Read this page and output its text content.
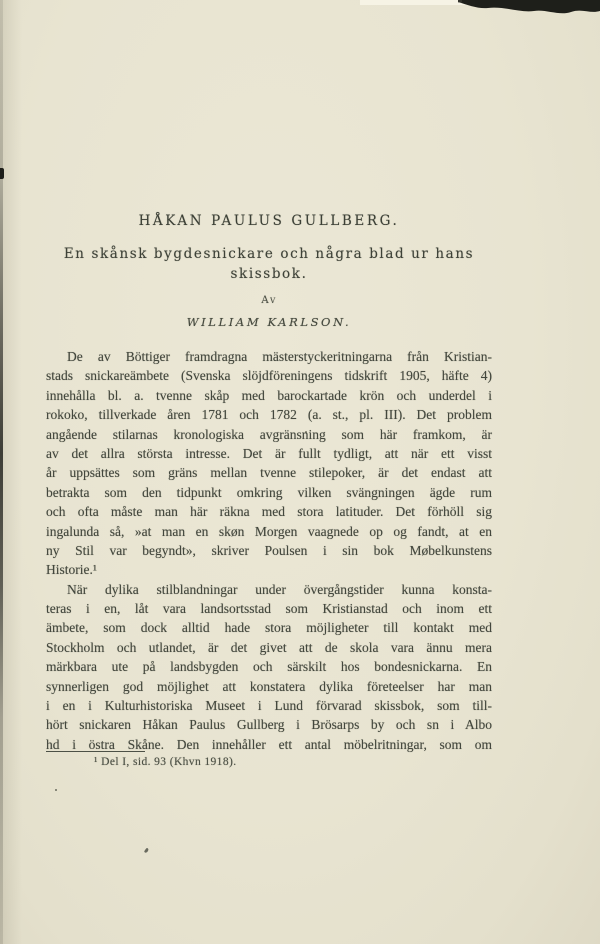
HÅKAN PAULUS GULLBERG.
En skånsk bygdesnickare och några blad ur hans
skissbok.
Av
WILLIAM KARLSON.
De av Böttiger framdragna mästerstyckeritningarna från Kristian-
stads snickareämbete (Svenska slöjdföreningens tidskrift 1905, häfte 4)
innehålla bl. a. tvenne skåp med barockartade krön och underdel i
rokoko, tillverkade åren 1781 och 1782 (a. st., pl. III). Det problem
angående stilarnas kronologiska avgränsning som här framkom, är
av det allra största intresse. Det är fullt tydligt, att när ett visst
år uppsättes som gräns mellan tvenne stilepoker, är det endast att
betrakta som den tidpunkt omkring vilken svängningen ägde rum
och ofta måste man här räkna med stora latituder. Det förhöll sig
ingalunda så, »at man en skøn Morgen vaagnede op og fandt, at en
ny Stil var begyndt», skriver Poulsen i sin bok Møbelkunstens
Historie.¹
När dylika stilblandningar under övergångstider kunna konsta-
teras i en, låt vara landsortsstad som Kristianstad och inom ett
ämbete, som dock alltid hade stora möjligheter till kontakt med
Stockholm och utlandet, är det givet att de skola vara ännu mera
märkbara ute på landsbygden och särskilt hos bondesnickarna. En
synnerligen god möjlighet att konstatera dylika företeelser har man
i en i Kulturhistoriska Museet i Lund förvarad skissbok, som till-
hört snickaren Håkan Paulus Gullberg i Brösarps by och sn i Albo
hd i östra Skåne. Den innehåller ett antal möbelritningar, som om
¹ Del I, sid. 93 (Khvn 1918).
